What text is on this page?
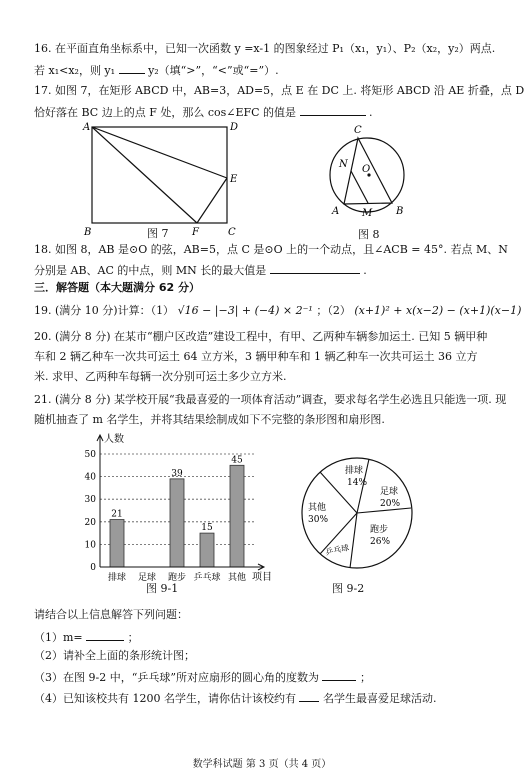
16. 在平面直角坐标系中，已知一次函数 y =x-1 的图象经过 P₁（x₁，y₁）、P₂（x₂，y₂）两点.
若 x₁<x₂，则 y₁	y₂（填“>”，“<”或“=”）.
17. 如图 7，在矩形 ABCD 中，AB=3，AD=5，点 E 在 DC 上. 将矩形 ABCD 沿 AE 折叠，点 D
恰好落在 BC 边上的点 F 处，那么 cos∠EFC 的值是	.
A	D
E
B	F	C
图 7
C
N O
A M B
图 8
18. 如图 8，AB 是⊙O 的弦，AB=5，点 C 是⊙O 上的一个动点，且∠ACB = 45°. 若点 M、N
分别是 AB、AC 的中点，则 MN 长的最大值是	.
三．解答题（本大题满分 62 分）
19. (满分 10 分)计算：（1） √16 − |−3| + (−4) × 2⁻¹ ；（2） (x+1)² + x(x−2) − (x+1)(x−1)
20. (满分 8 分) 在某市“棚户区改造”建设工程中，有甲、乙两种车辆参加运土. 已知 5 辆甲种
车和 2 辆乙种车一次共可运土 64 立方米，3 辆甲种车和 1 辆乙种车一次共可运土 36 立方
米. 求甲、乙两种车每辆一次分别可运土多少立方米.
21. (满分 8 分) 某学校开展“我最喜爱的一项体育活动”调查，要求每名学生必选且只能选一项. 现
随机抽查了 m 名学生，并将其结果绘制成如下不完整的条形图和扇形图.
0
10
20
30
40
50
21
排球 足球
39
跑步
15
乒乓球
45
其他
人数
项目
图 9-1
排球
14%
足球
20%
跑步
26%
乒乓球
其他
30%
图 9-2
请结合以上信息解答下列问题：
（1）m=	；
（2）请补全上面的条形统计图；
（3）在图 9-2 中，“乒乓球”所对应扇形的圆心角的度数为	；
（4）已知该校共有 1200 名学生，请你估计该校约有 名学生最喜爱足球活动.
数学科试题 第 3 页（共 4 页）
